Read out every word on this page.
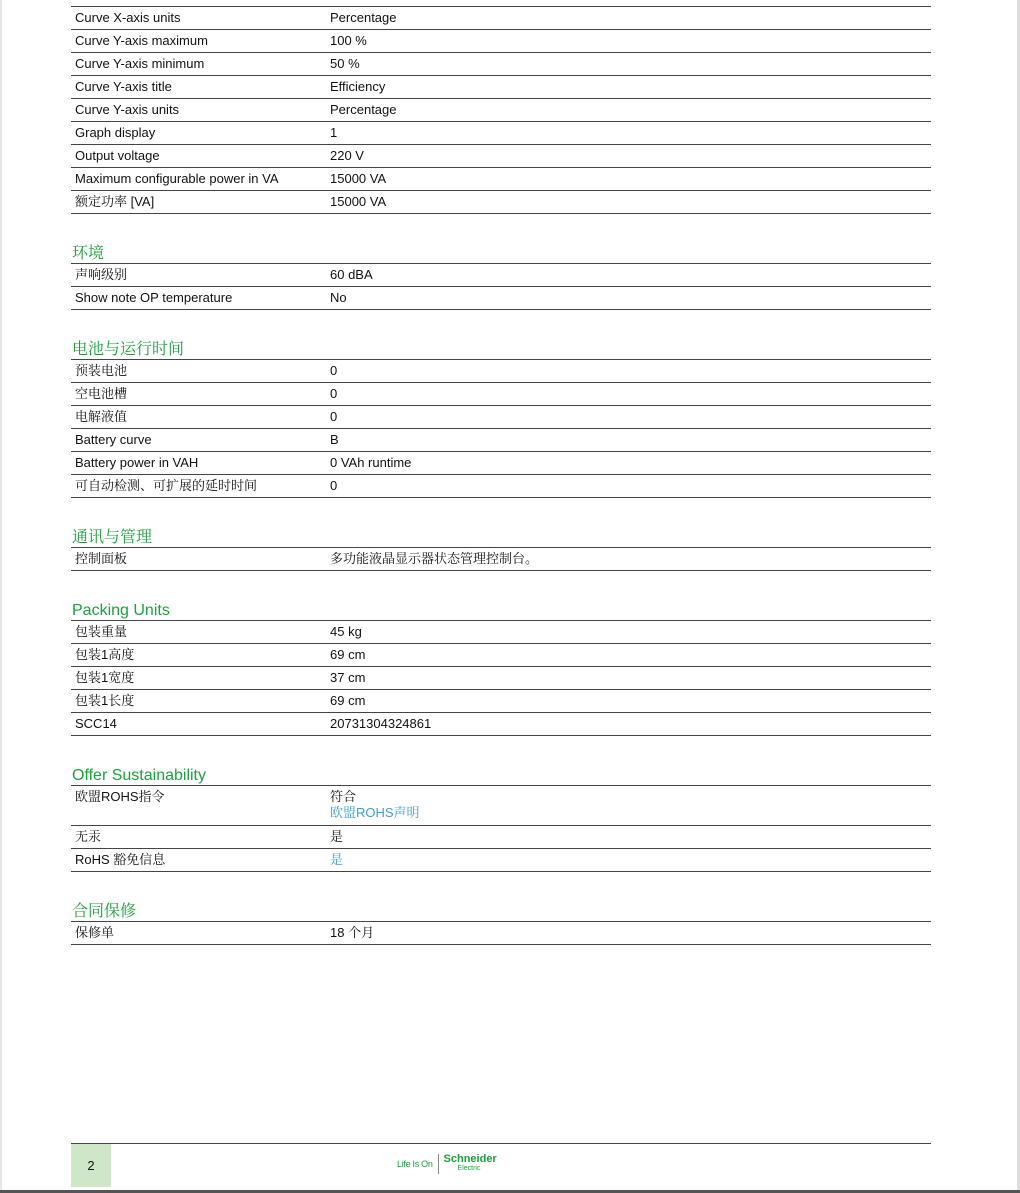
Curve X-axis units	Percentage
Curve Y-axis maximum	100 %
Curve Y-axis minimum	50 %
Curve Y-axis title	Efficiency
Curve Y-axis units	Percentage
Graph display	1
Output voltage	220 V
Maximum configurable power in VA	15000 VA
额定功率 [VA]	15000 VA
环境
声响级别	60 dBA
Show note OP temperature	No
电池与运行时间
预装电池	0
空电池槽	0
电解液值	0
Battery curve	B
Battery power in VAH	0 VAh runtime
可自动检测、可扩展的延时时间	0
通讯与管理
控制面板	多功能液晶显示器状态管理控制台。
Packing Units
包装重量	45 kg
包装1高度	69 cm
包装1宽度	37 cm
包装1长度	69 cm
SCC14	20731304324861
Offer Sustainability
欧盟ROHS指令	符合
欧盟ROHS声明
无汞	是
RoHS 豁免信息	是
合同保修
保修单	18 个月
2	Life Is On Schneider
Electric
